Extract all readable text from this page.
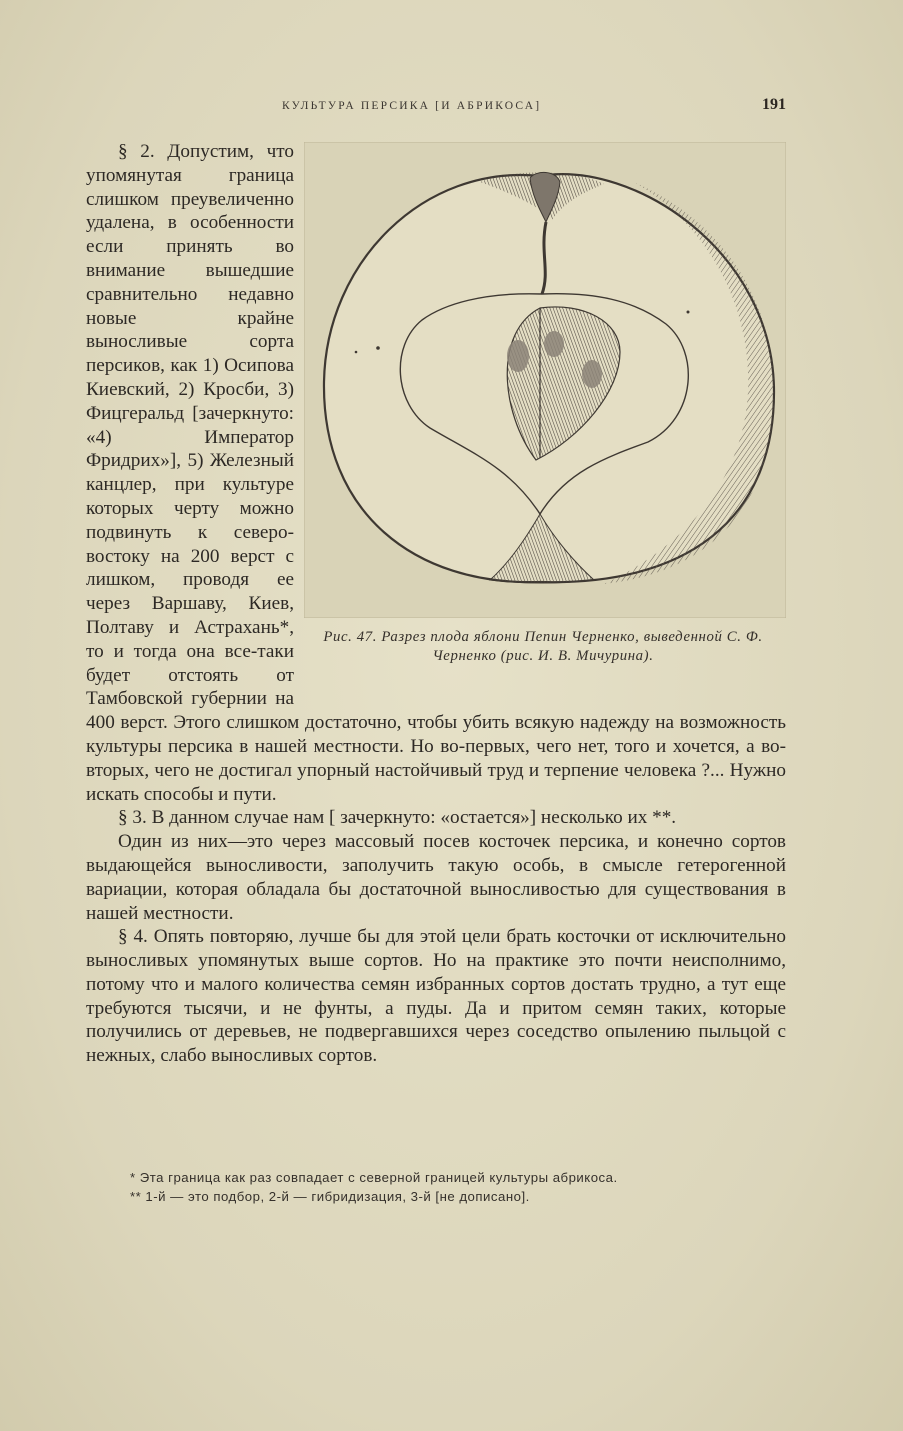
КУЛЬТУРА ПЕРСИКА [И АБРИКОСА]	191
Рис. 47. Разрез плода яблони Пепин Черненко, выведенной С. Ф. Черненко (рис. И. В. Мичурина).

§ 2. Допустим, что упомянутая граница слишком преувеличенно удалена, в особенности если принять во внимание вышедшие сравнительно недавно новые крайне выносливые сорта персиков, как 1) Осипова Киевский, 2) Кросби, 3) Фицгеральд [зачеркнуто: «4) Император Фридрих»], 5) Железный канцлер, при культуре которых черту можно подвинуть к северо-востоку на 200 верст с лишком, проводя ее через Варшаву, Киев, Полтаву и Астрахань*, то и тогда она все-таки будет отстоять от Тамбовской губернии на 400 верст. Этого слишком достаточно, чтобы убить всякую надежду на возможность культуры персика в нашей местности. Но во-первых, чего нет, того и хочется, а во-вторых, чего не достигал упорный настойчивый труд и терпение человека ?... Нужно искать способы и пути.

§ 3. В данном случае нам [ зачеркнуто: «остается»] несколько их **.

Один из них—это через массовый посев косточек персика, и конечно сортов выдающейся выносливости, заполучить такую особь, в смысле гетерогенной вариации, которая обладала бы достаточной выносливостью для существования в нашей местности.

§ 4. Опять повторяю, лучше бы для этой цели брать косточки от исключительно выносливых упомянутых выше сортов. Но на практике это почти неисполнимо, потому что и малого количества семян избранных сортов достать трудно, а тут еще требуются тысячи, и не фунты, а пуды. Да и притом семян таких, которые получились от деревьев, не подвергавшихся через соседство опылению пыльцой с нежных, слабо выносливых сортов.

* Эта граница как раз совпадает с северной границей культуры абрикоса.
** 1-й — это подбор, 2-й — гибридизация, 3-й [не дописано].
